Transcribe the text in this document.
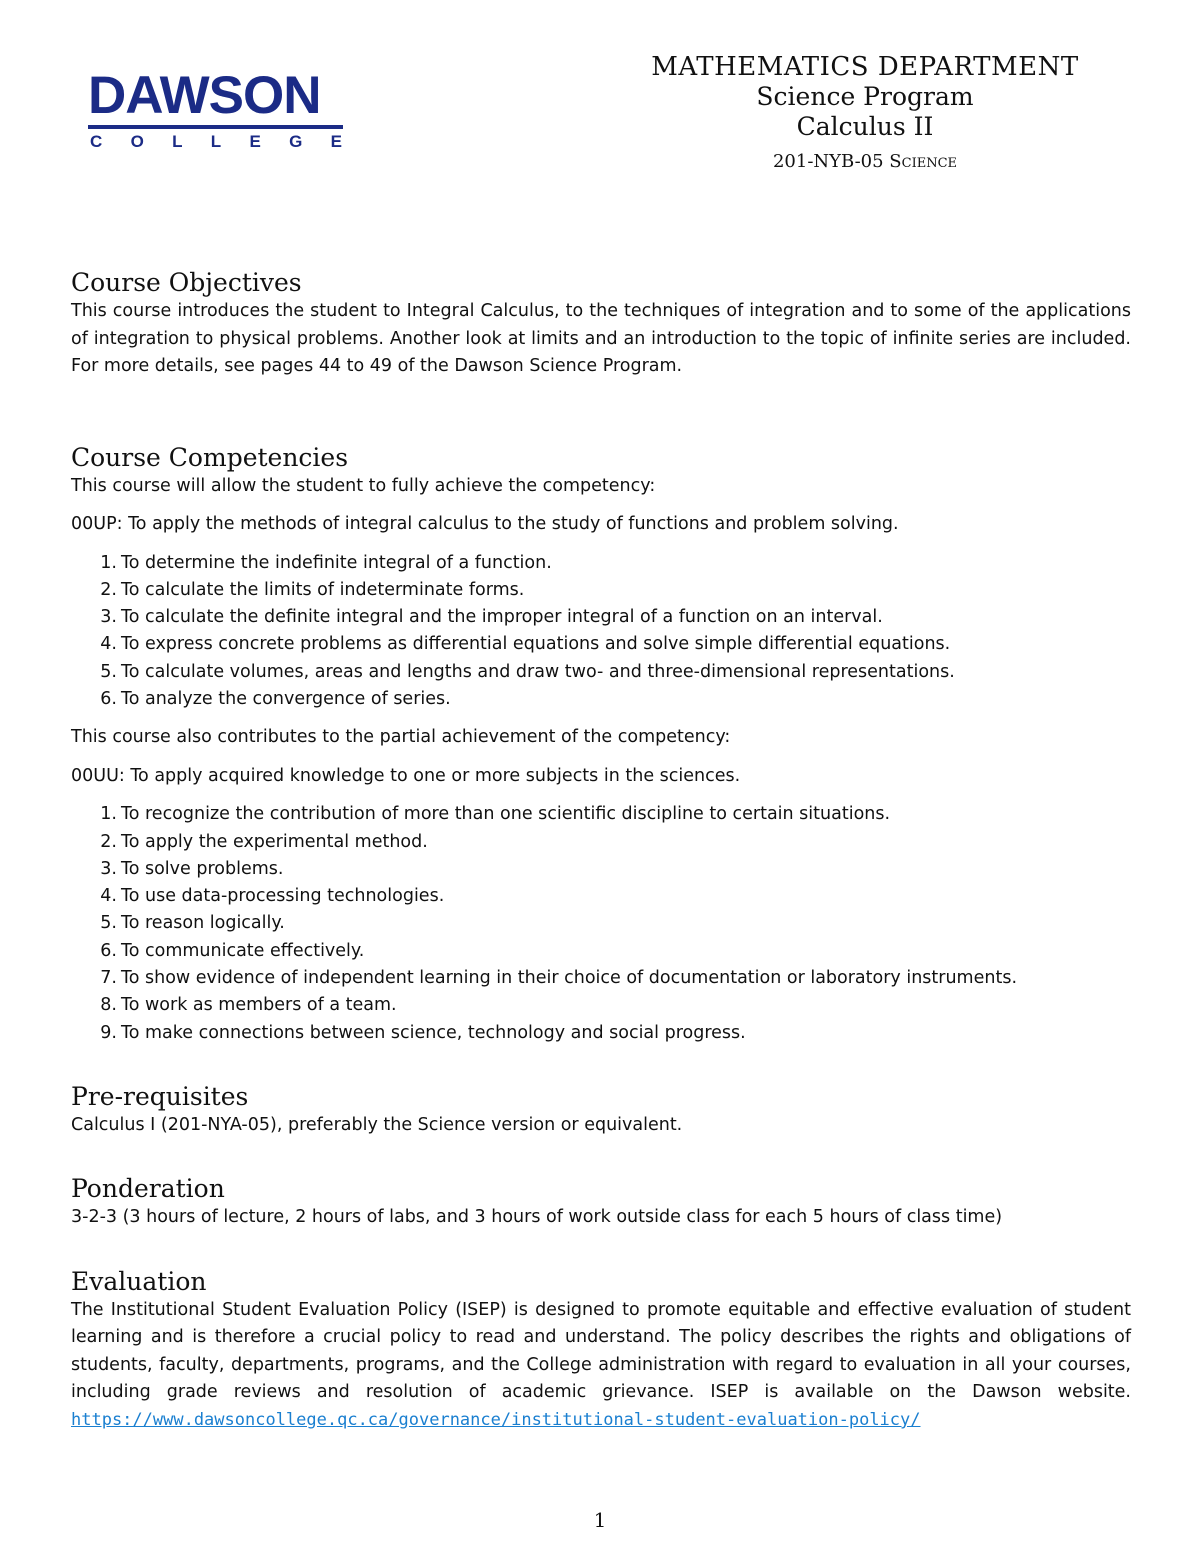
DAWSON
C O L L E G E
MATHEMATICS DEPARTMENT
Science Program
Calculus II
201-NYB-05 Science
Course Objectives

This course introduces the student to Integral Calculus, to the techniques of integration and to some of the applications of integration to physical problems. Another look at limits and an introduction to the topic of infinite series are included. For more details, see pages 44 to 49 of the Dawson Science Program.

Course Competencies

This course will allow the student to fully achieve the competency:

00UP: To apply the methods of integral calculus to the study of functions and problem solving.

1. To determine the indefinite integral of a function.
2. To calculate the limits of indeterminate forms.
3. To calculate the definite integral and the improper integral of a function on an interval.
4. To express concrete problems as differential equations and solve simple differential equations.
5. To calculate volumes, areas and lengths and draw two- and three-dimensional representations.
6. To analyze the convergence of series.

This course also contributes to the partial achievement of the competency:

00UU: To apply acquired knowledge to one or more subjects in the sciences.

1. To recognize the contribution of more than one scientific discipline to certain situations.
2. To apply the experimental method.
3. To solve problems.
4. To use data-processing technologies.
5. To reason logically.
6. To communicate effectively.
7. To show evidence of independent learning in their choice of documentation or laboratory instruments.
8. To work as members of a team.
9. To make connections between science, technology and social progress.
Pre-requisites

Calculus I (201-NYA-05), preferably the Science version or equivalent.

Ponderation

3-2-3 (3 hours of lecture, 2 hours of labs, and 3 hours of work outside class for each 5 hours of class time)

Evaluation

The Institutional Student Evaluation Policy (ISEP) is designed to promote equitable and effective evaluation of student learning and is therefore a crucial policy to read and understand. The policy describes the rights and obligations of students, faculty, departments, programs, and the College administration with regard to evaluation in all your courses, including grade reviews and resolution of academic grievance. ISEP is available on the Dawson website. https://www.dawsoncollege.qc.ca/governance/institutional-student-evaluation-policy/

1
